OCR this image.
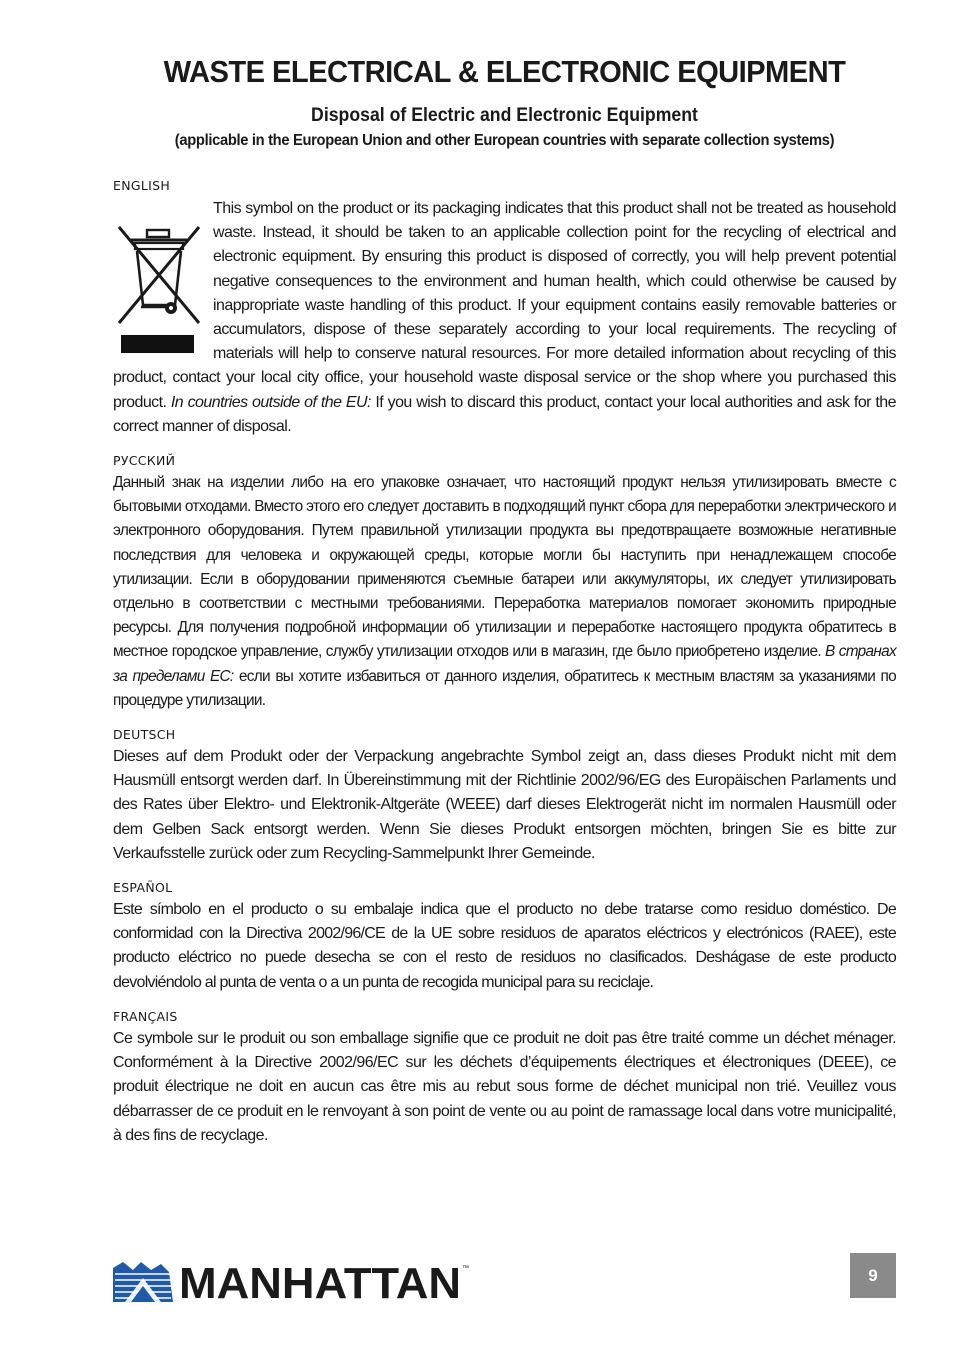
WASTE ELECTRICAL & ELECTRONIC EQUIPMENT
Disposal of Electric and Electronic Equipment
(applicable in the European Union and other European countries with separate collection systems)
ENGLISH
This symbol on the product or its packaging indicates that this product shall not be treated as household waste. Instead, it should be taken to an applicable collection point for the recycling of electrical and electronic equipment. By ensuring this product is disposed of correctly, you will help prevent potential negative consequences to the environment and human health, which could otherwise be caused by inappropriate waste handling of this product. If your equipment contains easily removable batteries or accumulators, dispose of these separately according to your local requirements. The recycling of materials will help to conserve natural resources. For more detailed information about recycling of this product, contact your local city office, your household waste disposal service or the shop where you purchased this product. In countries outside of the EU: If you wish to discard this product, contact your local authorities and ask for the correct manner of disposal.
РУССКИЙ
Данный знак на изделии либо на его упаковке означает, что настоящий продукт нельзя утилизировать вместе с бытовыми отходами. Вместо этого его следует доставить в подходящий пункт сбора для переработки электрического и электронного оборудования. Путем правильной утилизации продукта вы предотвращаете возможные негативные последствия для человека и окружающей среды, которые могли бы наступить при ненадлежащем способе утилизации. Если в оборудовании применяются съемные батареи или аккумуляторы, их следует утилизировать отдельно в соответствии с местными требованиями. Переработка материалов помогает экономить природные ресурсы. Для получения подробной информации об утилизации и переработке настоящего продукта обратитесь в местное городское управление, службу утилизации отходов или в магазин, где было приобретено изделие. В странах за пределами ЕС: если вы хотите избавиться от данного изделия, обратитесь к местным властям за указаниями по процедуре утилизации.
DEUTSCH
Dieses auf dem Produkt oder der Verpackung angebrachte Symbol zeigt an, dass dieses Produkt nicht mit dem Hausmüll entsorgt werden darf. In Übereinstimmung mit der Richtlinie 2002/96/EG des Europäischen Parlaments und des Rates über Elektro- und Elektronik-Altgeräte (WEEE) darf dieses Elektrogerät nicht im normalen Hausmüll oder dem Gelben Sack entsorgt werden. Wenn Sie dieses Produkt entsorgen möchten, bringen Sie es bitte zur Verkaufsstelle zurück oder zum Recycling-Sammelpunkt Ihrer Gemeinde.
ESPAÑOL
Este símbolo en el producto o su embalaje indica que el producto no debe tratarse como residuo doméstico. De conformidad con la Directiva 2002/96/CE de la UE sobre residuos de aparatos eléctricos y electrónicos (RAEE), este producto eléctrico no puede desecha se con el resto de residuos no clasificados. Deshágase de este producto devolviéndolo al punta de venta o a un punta de recogida municipal para su reciclaje.
FRANÇAIS
Ce symbole sur Ie produit ou son emballage signifie que ce produit ne doit pas être traité comme un déchet ménager. Conformément à la Directive 2002/96/EC sur les déchets d’équipements électriques et électroniques (DEEE), ce produit électrique ne doit en aucun cas être mis au rebut sous forme de déchet municipal non trié. Veuillez vous débarrasser de ce produit en le renvoyant à son point de vente ou au point de ramassage local dans votre municipalité, à des fins de recyclage.
MANHATTAN ™	9
